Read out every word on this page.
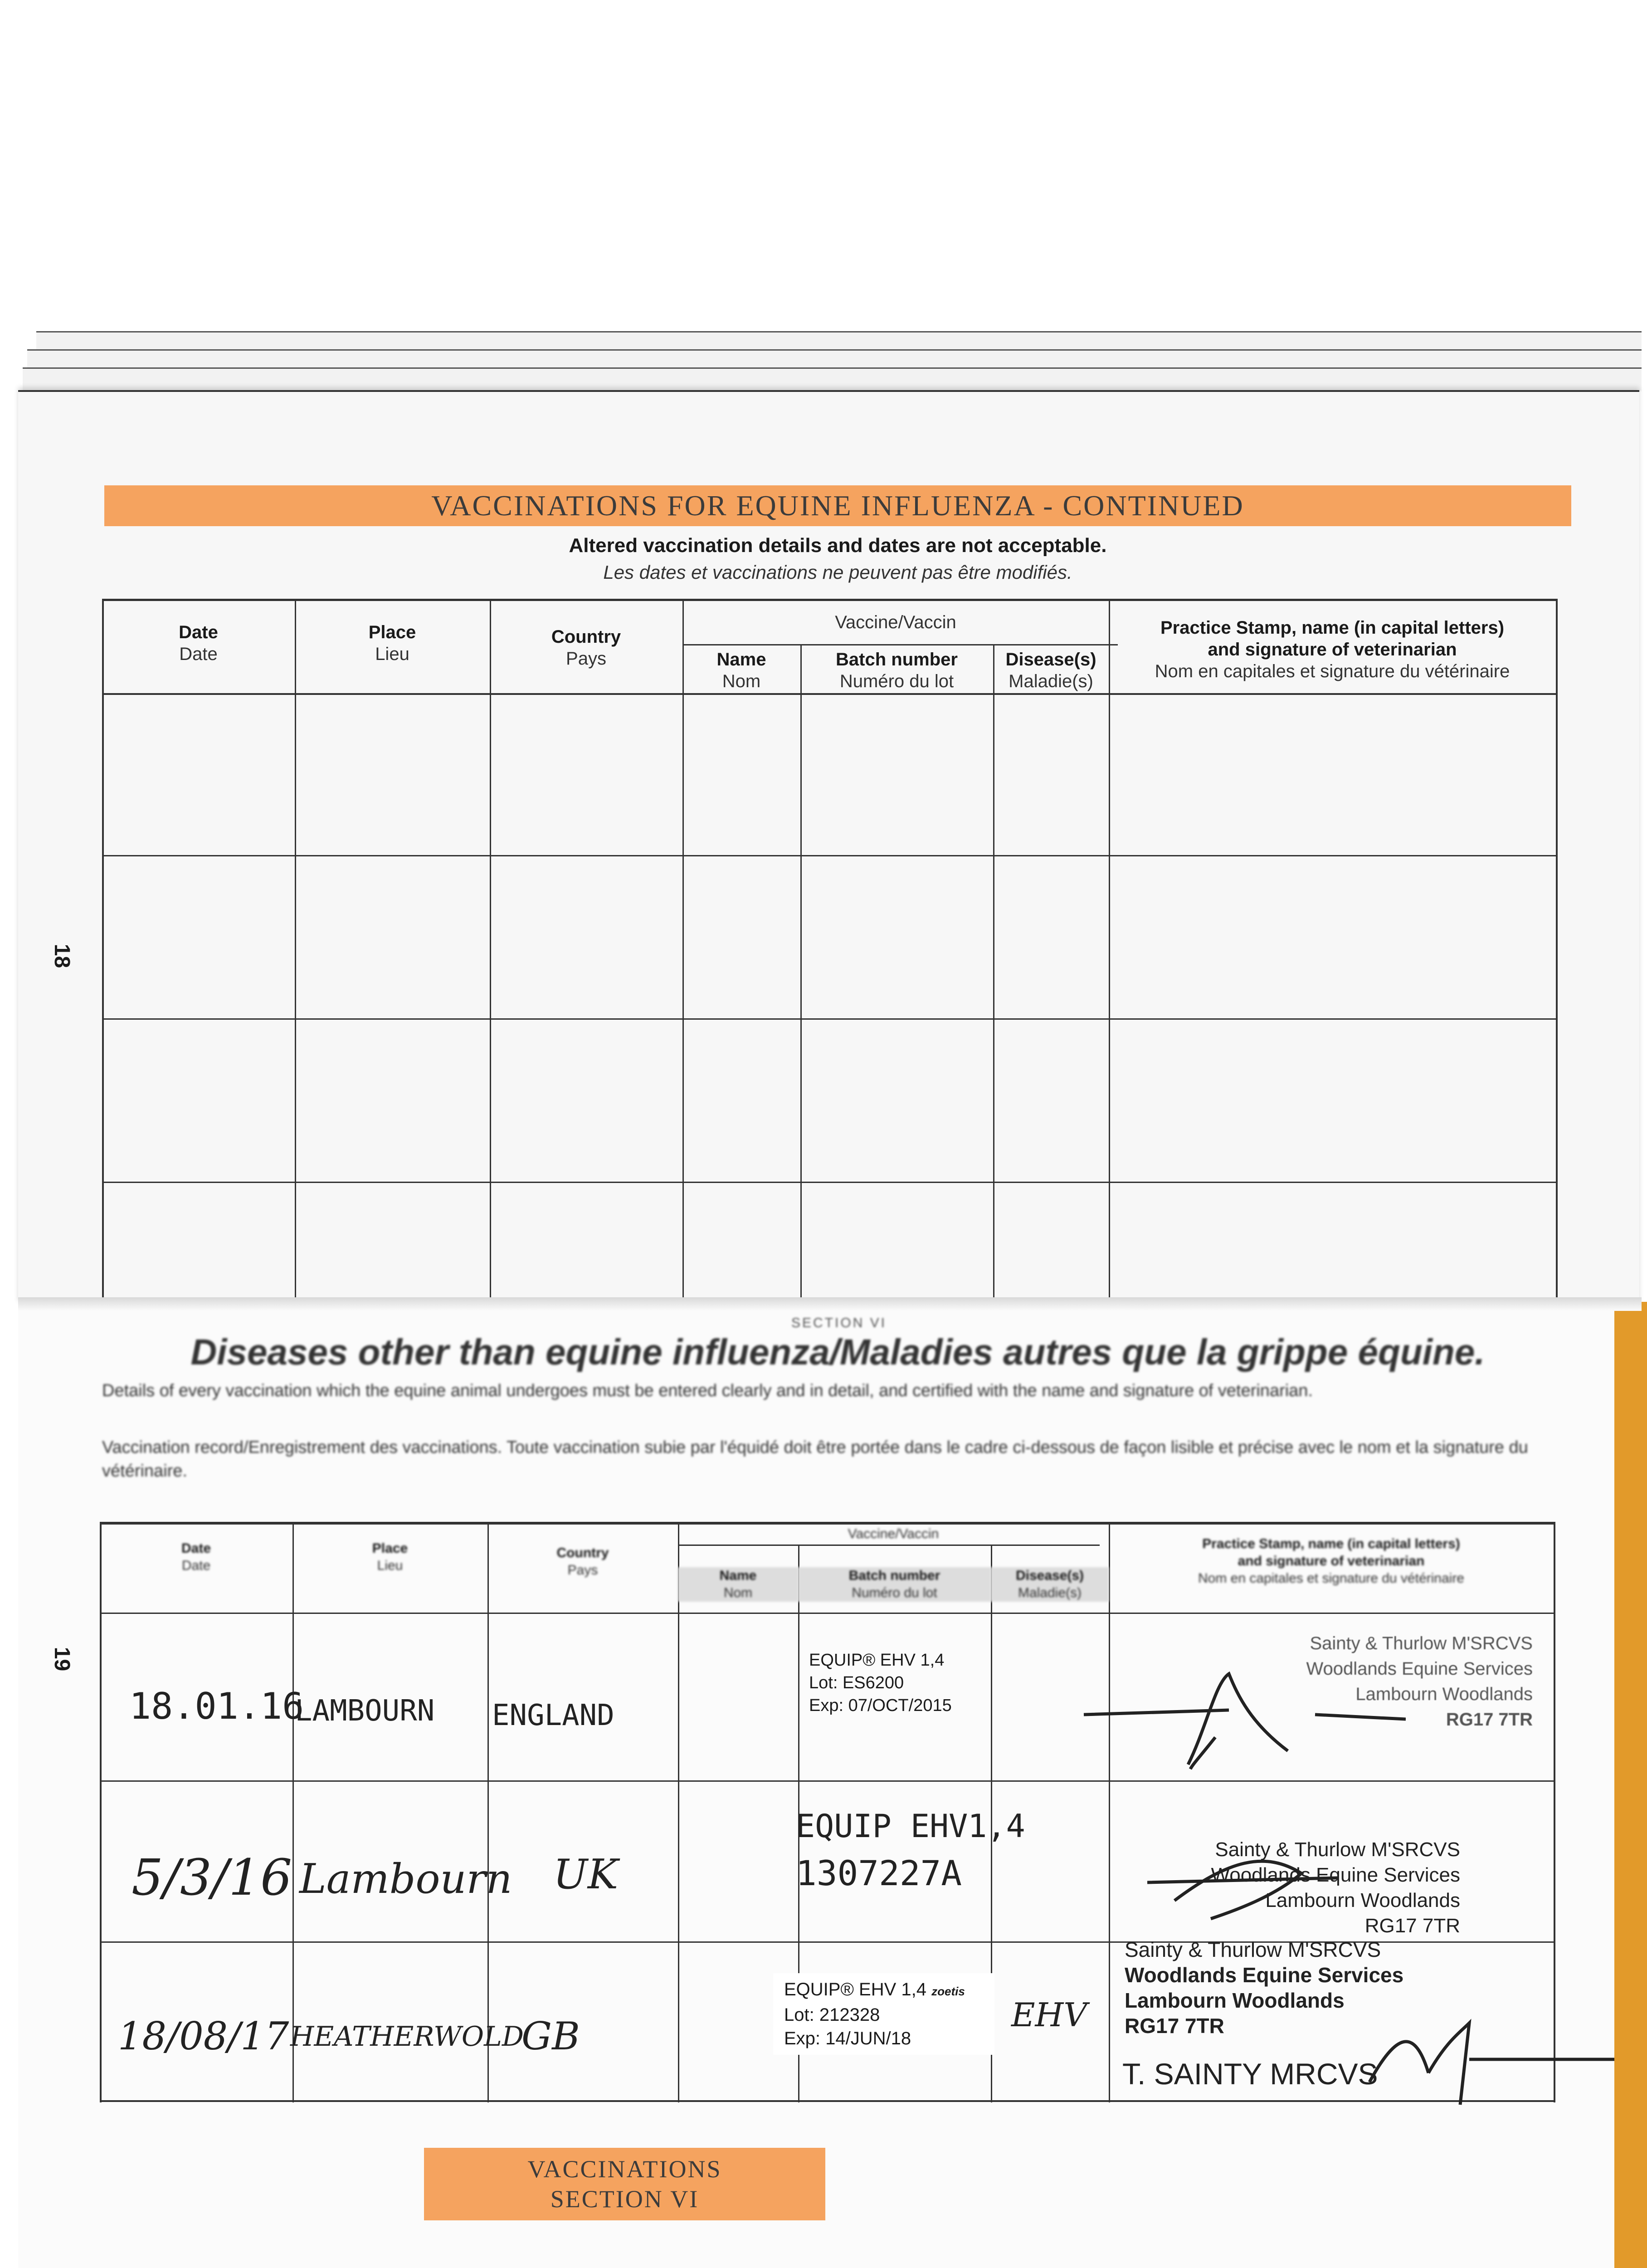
VACCINATIONS FOR EQUINE INFLUENZA - CONTINUED
Altered vaccination details and dates are not acceptable.
Les dates et vaccinations ne peuvent pas être modifiés.
18
Date
Date
Place
Lieu
Country
Pays
Vaccine/Vaccin
Name
Nom
Batch number
Numéro du lot
Disease(s)
Maladie(s)
Practice Stamp, name (in capital letters)
and signature of veterinarian
Nom en capitales et signature du vétérinaire
SECTION VI
Diseases other than equine influenza/Maladies autres que la grippe équine.
Details of every vaccination which the equine animal undergoes must be entered clearly and in detail, and certified with the name and signature of veterinarian.
Vaccination record/Enregistrement des vaccinations. Toute vaccination subie par l'équidé doit être portée dans le cadre ci-dessous de façon lisible et précise avec le nom et la signature du vétérinaire.
19
Date
Date
Place
Lieu
Country
Pays
Vaccine/Vaccin
Name
Nom
Batch number
Numéro du lot
Disease(s)
Maladie(s)
Practice Stamp, name (in capital letters)
and signature of veterinarian
Nom en capitales et signature du vétérinaire
18.01.16
LAMBOURN ENGLAND
EQUIP® EHV 1,4
Lot: ES6200
Exp: 07/OCT/2015
Sainty & Thurlow M'SRCVS
Woodlands Equine Services
Lambourn Woodlands
RG17 7TR
5/3/16 Lambourn UK
EQUIP EHV1,4
1307227A
Sainty & Thurlow M'SRCVS
Woodlands Equine Services
Lambourn Woodlands
RG17 7TR
18/08/17 HEATHERWOLD
GB
EQUIP® EHV 1,4 zoetis
Lot: 212328
Exp: 14/JUN/18
EHV
Sainty & Thurlow M'SRCVS
Woodlands Equine Services
Lambourn Woodlands
RG17 7TR
T. SAINTY MRCVS
VACCINATIONS
SECTION VI
